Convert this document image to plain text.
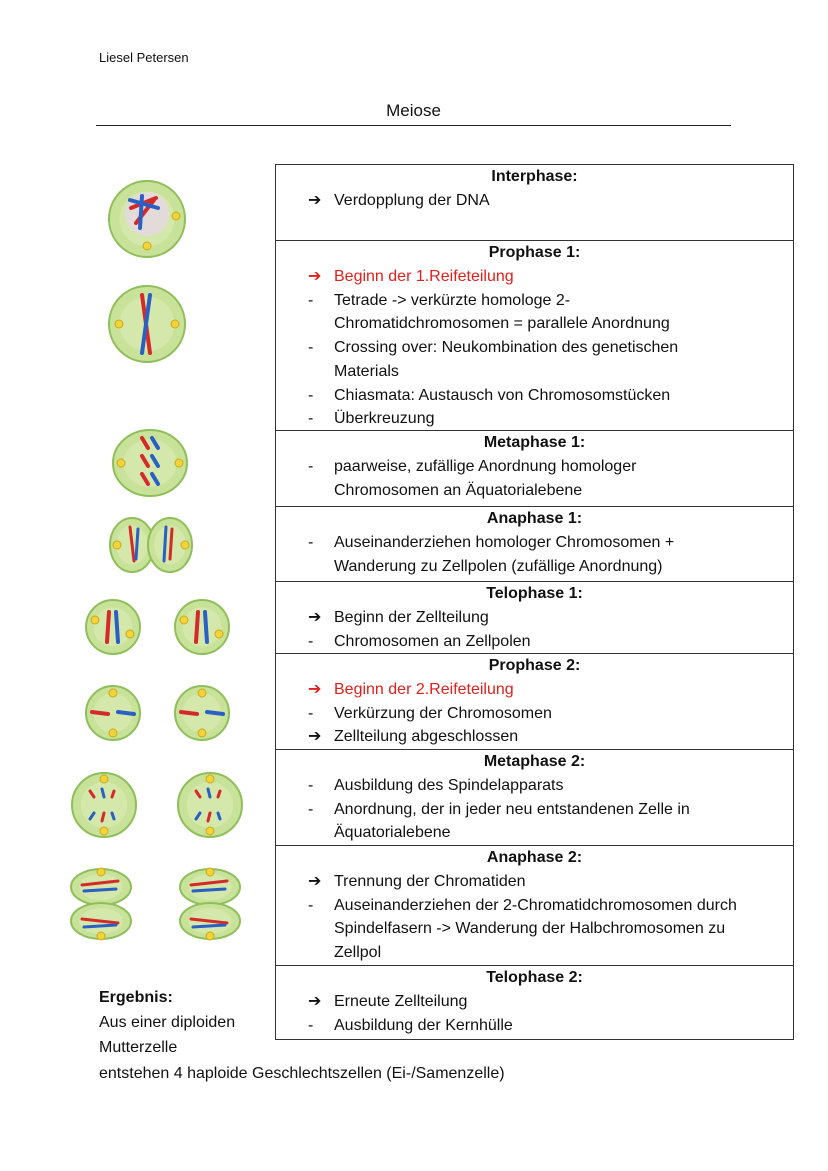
Liesel Petersen
Meiose
Interphase:
➔ Verdopplung der DNA
Prophase 1:
➔ Beginn der 1.Reifeteilung
-	Tetrade -> verkürzte homologe 2-
Chromatidchromosomen = parallele Anordnung
-	Crossing over: Neukombination des genetischen
Materials
-	Chiasmata: Austausch von Chromosomstücken
-	Überkreuzung
Metaphase 1:
-	paarweise, zufällige Anordnung homologer
Chromosomen an Äquatorialebene
Anaphase 1:
-	Auseinanderziehen homologer Chromosomen +
Wanderung zu Zellpolen (zufällige Anordnung)
Telophase 1:
➔ Beginn der Zellteilung
-	Chromosomen an Zellpolen
Prophase 2:
➔ Beginn der 2.Reifeteilung
-	Verkürzung der Chromosomen
➔ Zellteilung abgeschlossen
Metaphase 2:
-	Ausbildung des Spindelapparats
-	Anordnung, der in jeder neu entstandenen Zelle in
Äquatorialebene
Anaphase 2:
➔ Trennung der Chromatiden
-	Auseinanderziehen der 2-Chromatidchromosomen durch
Spindelfasern -> Wanderung der Halbchromosomen zu
Zellpol
Telophase 2:
➔ Erneute Zellteilung
-	Ausbildung der Kernhülle
Ergebnis:
Aus einer diploiden
Mutterzelle
entstehen 4 haploide Geschlechtszellen (Ei-/Samenzelle)
